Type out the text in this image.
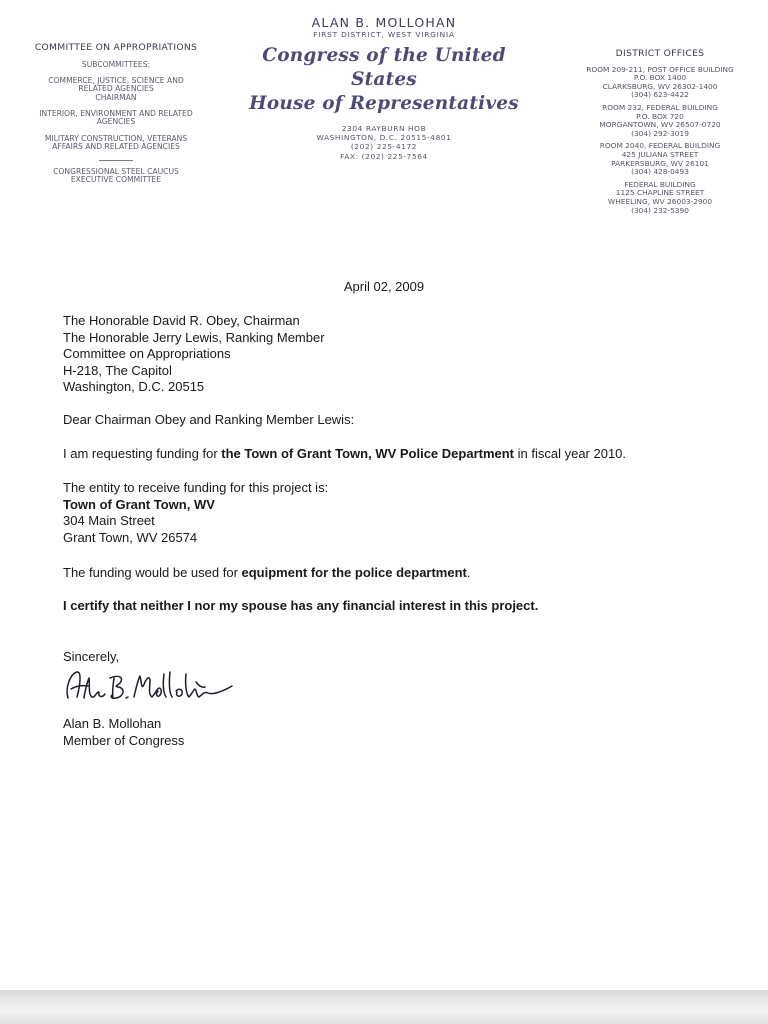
COMMITTEE ON APPROPRIATIONS
SUBCOMMITTEES:
COMMERCE, JUSTICE, SCIENCE AND
RELATED AGENCIES
CHAIRMAN
INTERIOR, ENVIRONMENT AND RELATED
AGENCIES
MILITARY CONSTRUCTION, VETERANS
AFFAIRS AND RELATED AGENCIES
CONGRESSIONAL STEEL CAUCUS
EXECUTIVE COMMITTEE
ALAN B. MOLLOHAN
FIRST DISTRICT, WEST VIRGINIA
Congress of the United States
House of Representatives
2304 RAYBURN HOB
WASHINGTON, D.C. 20515-4801
(202) 225-4172
FAX: (202) 225-7564
DISTRICT OFFICES
ROOM 209-211, POST OFFICE BUILDING
P.O. BOX 1400
CLARKSBURG, WV 26302-1400
(304) 623-4422
ROOM 232, FEDERAL BUILDING
P.O. BOX 720
MORGANTOWN, WV 26507-0720
(304) 292-3019
ROOM 2040, FEDERAL BUILDING
425 JULIANA STREET
PARKERSBURG, WV 26101
(304) 428-0493
FEDERAL BUILDING
1125 CHAPLINE STREET
WHEELING, WV 26003-2900
(304) 232-5390
April 02, 2009
The Honorable David R. Obey, Chairman
The Honorable Jerry Lewis, Ranking Member
Committee on Appropriations
H-218, The Capitol
Washington, D.C. 20515
Dear Chairman Obey and Ranking Member Lewis:
I am requesting funding for the Town of Grant Town, WV Police Department in fiscal year 2010.
The entity to receive funding for this project is:
Town of Grant Town, WV
304 Main Street
Grant Town, WV 26574
The funding would be used for equipment for the police department.
I certify that neither I nor my spouse has any financial interest in this project.
Sincerely,
Alan B. Mollohan
Member of Congress
